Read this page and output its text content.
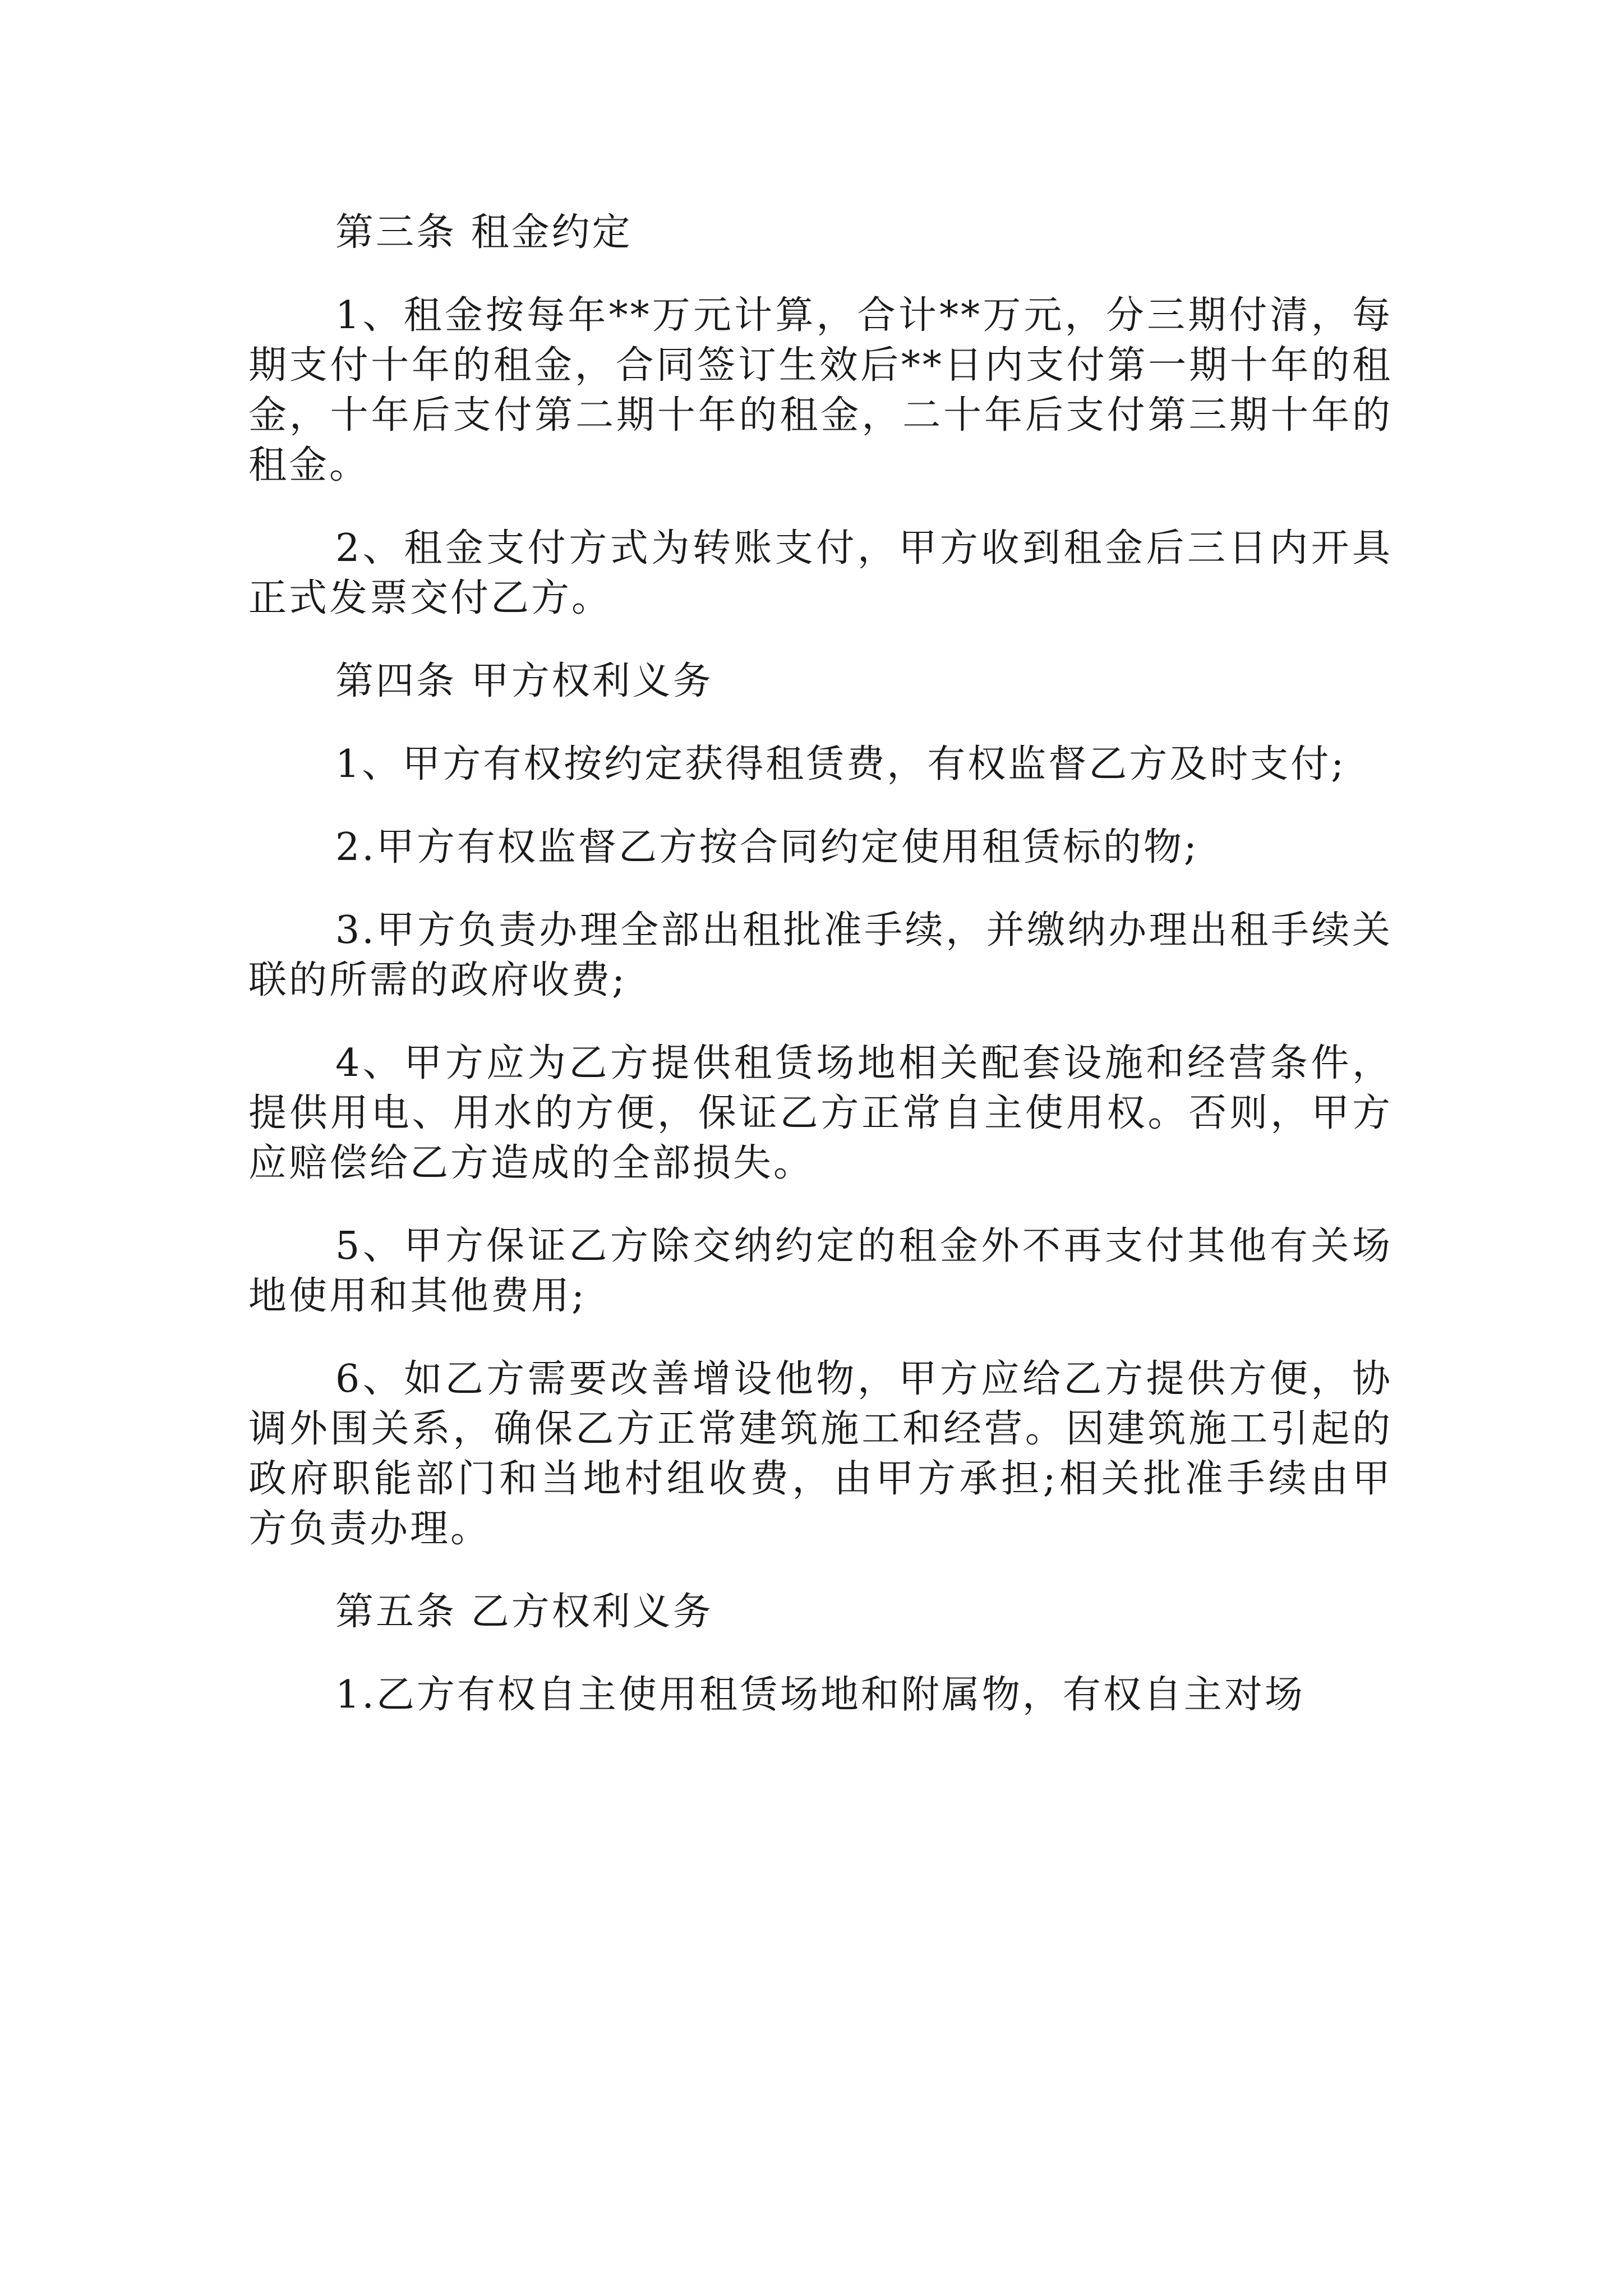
第三条 租金约定

1、租金按每年**万元计算，合计**万元，分三期付清，每期支付十年的租金，合同签订生效后**日内支付第一期十年的租金，十年后支付第二期十年的租金，二十年后支付第三期十年的租金。

2、租金支付方式为转账支付，甲方收到租金后三日内开具正式发票交付乙方。

第四条 甲方权利义务

1、甲方有权按约定获得租赁费，有权监督乙方及时支付;

2.甲方有权监督乙方按合同约定使用租赁标的物;

3.甲方负责办理全部出租批准手续，并缴纳办理出租手续关联的所需的政府收费;

4、甲方应为乙方提供租赁场地相关配套设施和经营条件，提供用电、用水的方便，保证乙方正常自主使用权。否则，甲方应赔偿给乙方造成的全部损失。

5、甲方保证乙方除交纳约定的租金外不再支付其他有关场地使用和其他费用;

6、如乙方需要改善增设他物，甲方应给乙方提供方便，协调外围关系，确保乙方正常建筑施工和经营。因建筑施工引起的政府职能部门和当地村组收费，由甲方承担;相关批准手续由甲方负责办理。

第五条 乙方权利义务

1.乙方有权自主使用租赁场地和附属物，有权自主对场
